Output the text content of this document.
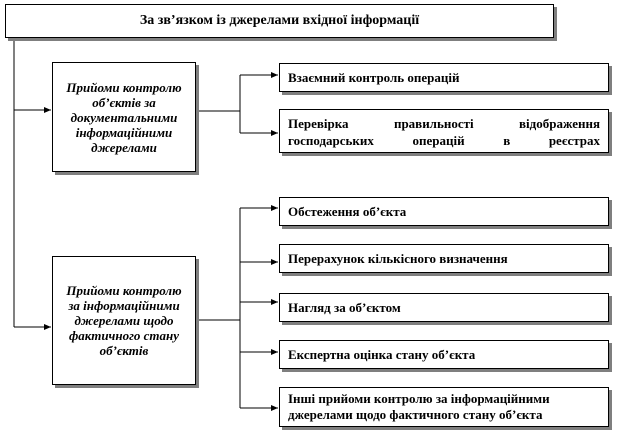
За зв’язком із джерелами вхідної інформації
Прийоми контролю об’єктів за документальними інформаційними джерелами
Прийоми контролю за інформаційними джерелами щодо фактичного стану об’єктів
Взаємний контроль операцій
Перевірка правильності відображення господарських операцій в реєстрах
Обстеження об’єкта
Перерахунок кількісного визначення
Нагляд за об’єктом
Експертна оцінка стану об’єкта
Інші прийоми контролю за інформаційними джерелами щодо фактичного стану об’єкта
